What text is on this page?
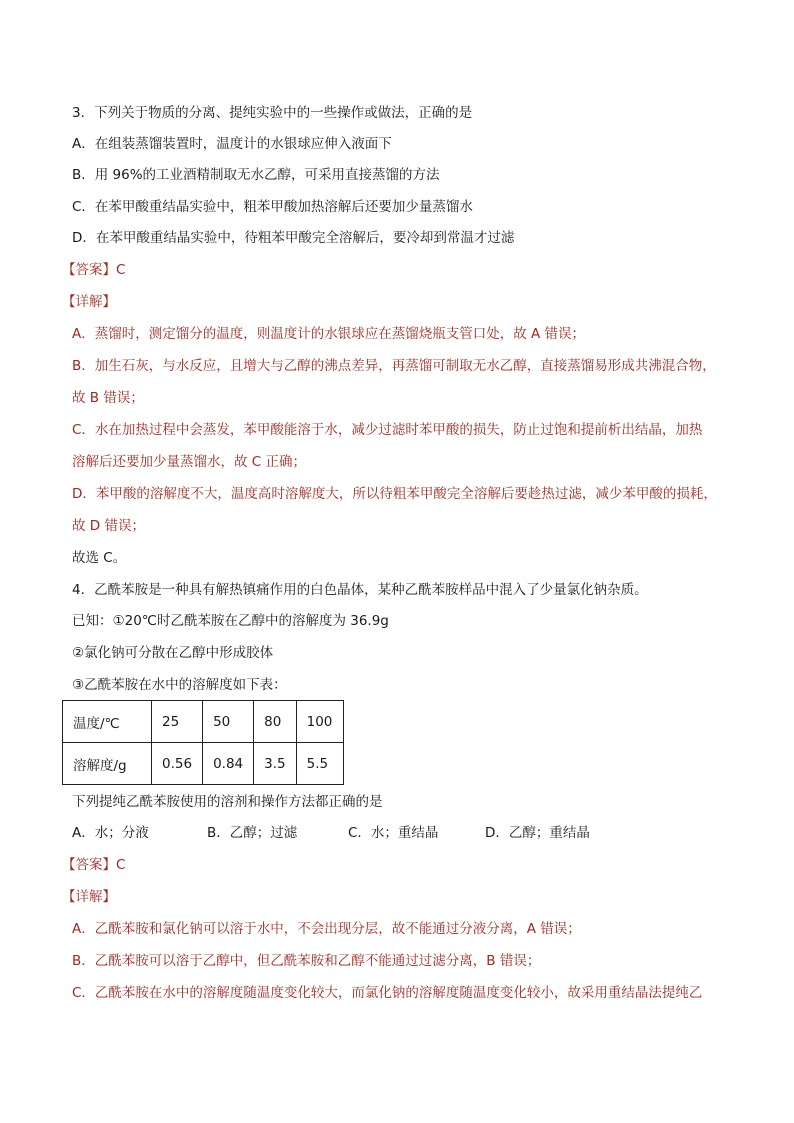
3．下列关于物质的分离、提纯实验中的一些操作或做法，正确的是
A．在组装蒸馏装置时，温度计的水银球应伸入液面下
B．用 96%的工业酒精制取无水乙醇，可采用直接蒸馏的方法
C．在苯甲酸重结晶实验中，粗苯甲酸加热溶解后还要加少量蒸馏水
D．在苯甲酸重结晶实验中，待粗苯甲酸完全溶解后，要冷却到常温才过滤
【答案】C
【详解】
A．蒸馏时，测定馏分的温度，则温度计的水银球应在蒸馏烧瓶支管口处，故 A 错误；
B．加生石灰，与水反应，且增大与乙醇的沸点差异，再蒸馏可制取无水乙醇，直接蒸馏易形成共沸混合物，
故 B 错误；
C．水在加热过程中会蒸发，苯甲酸能溶于水，减少过滤时苯甲酸的损失，防止过饱和提前析出结晶，加热
溶解后还要加少量蒸馏水，故 C 正确；
D．苯甲酸的溶解度不大，温度高时溶解度大，所以待粗苯甲酸完全溶解后要趁热过滤，减少苯甲酸的损耗，
故 D 错误；
故选 C。
4．乙酰苯胺是一种具有解热镇痛作用的白色晶体，某种乙酰苯胺样品中混入了少量氯化钠杂质。
已知：①20℃时乙酰苯胺在乙醇中的溶解度为 36.9g
②氯化钠可分散在乙醇中形成胶体
③乙酰苯胺在水中的溶解度如下表：
温度/℃	25	50	80	100
溶解度/g	0.56	0.84	3.5	5.5
下列提纯乙酰苯胺使用的溶剂和操作方法都正确的是
A．水；分液	B．乙醇；过滤	C．水；重结晶	D．乙醇；重结晶
【答案】C
【详解】
A．乙酰苯胺和氯化钠可以溶于水中，不会出现分层，故不能通过分液分离，A 错误；
B．乙酰苯胺可以溶于乙醇中，但乙酰苯胺和乙醇不能通过过滤分离，B 错误；
C．乙酰苯胺在水中的溶解度随温度变化较大，而氯化钠的溶解度随温度变化较小，故采用重结晶法提纯乙
